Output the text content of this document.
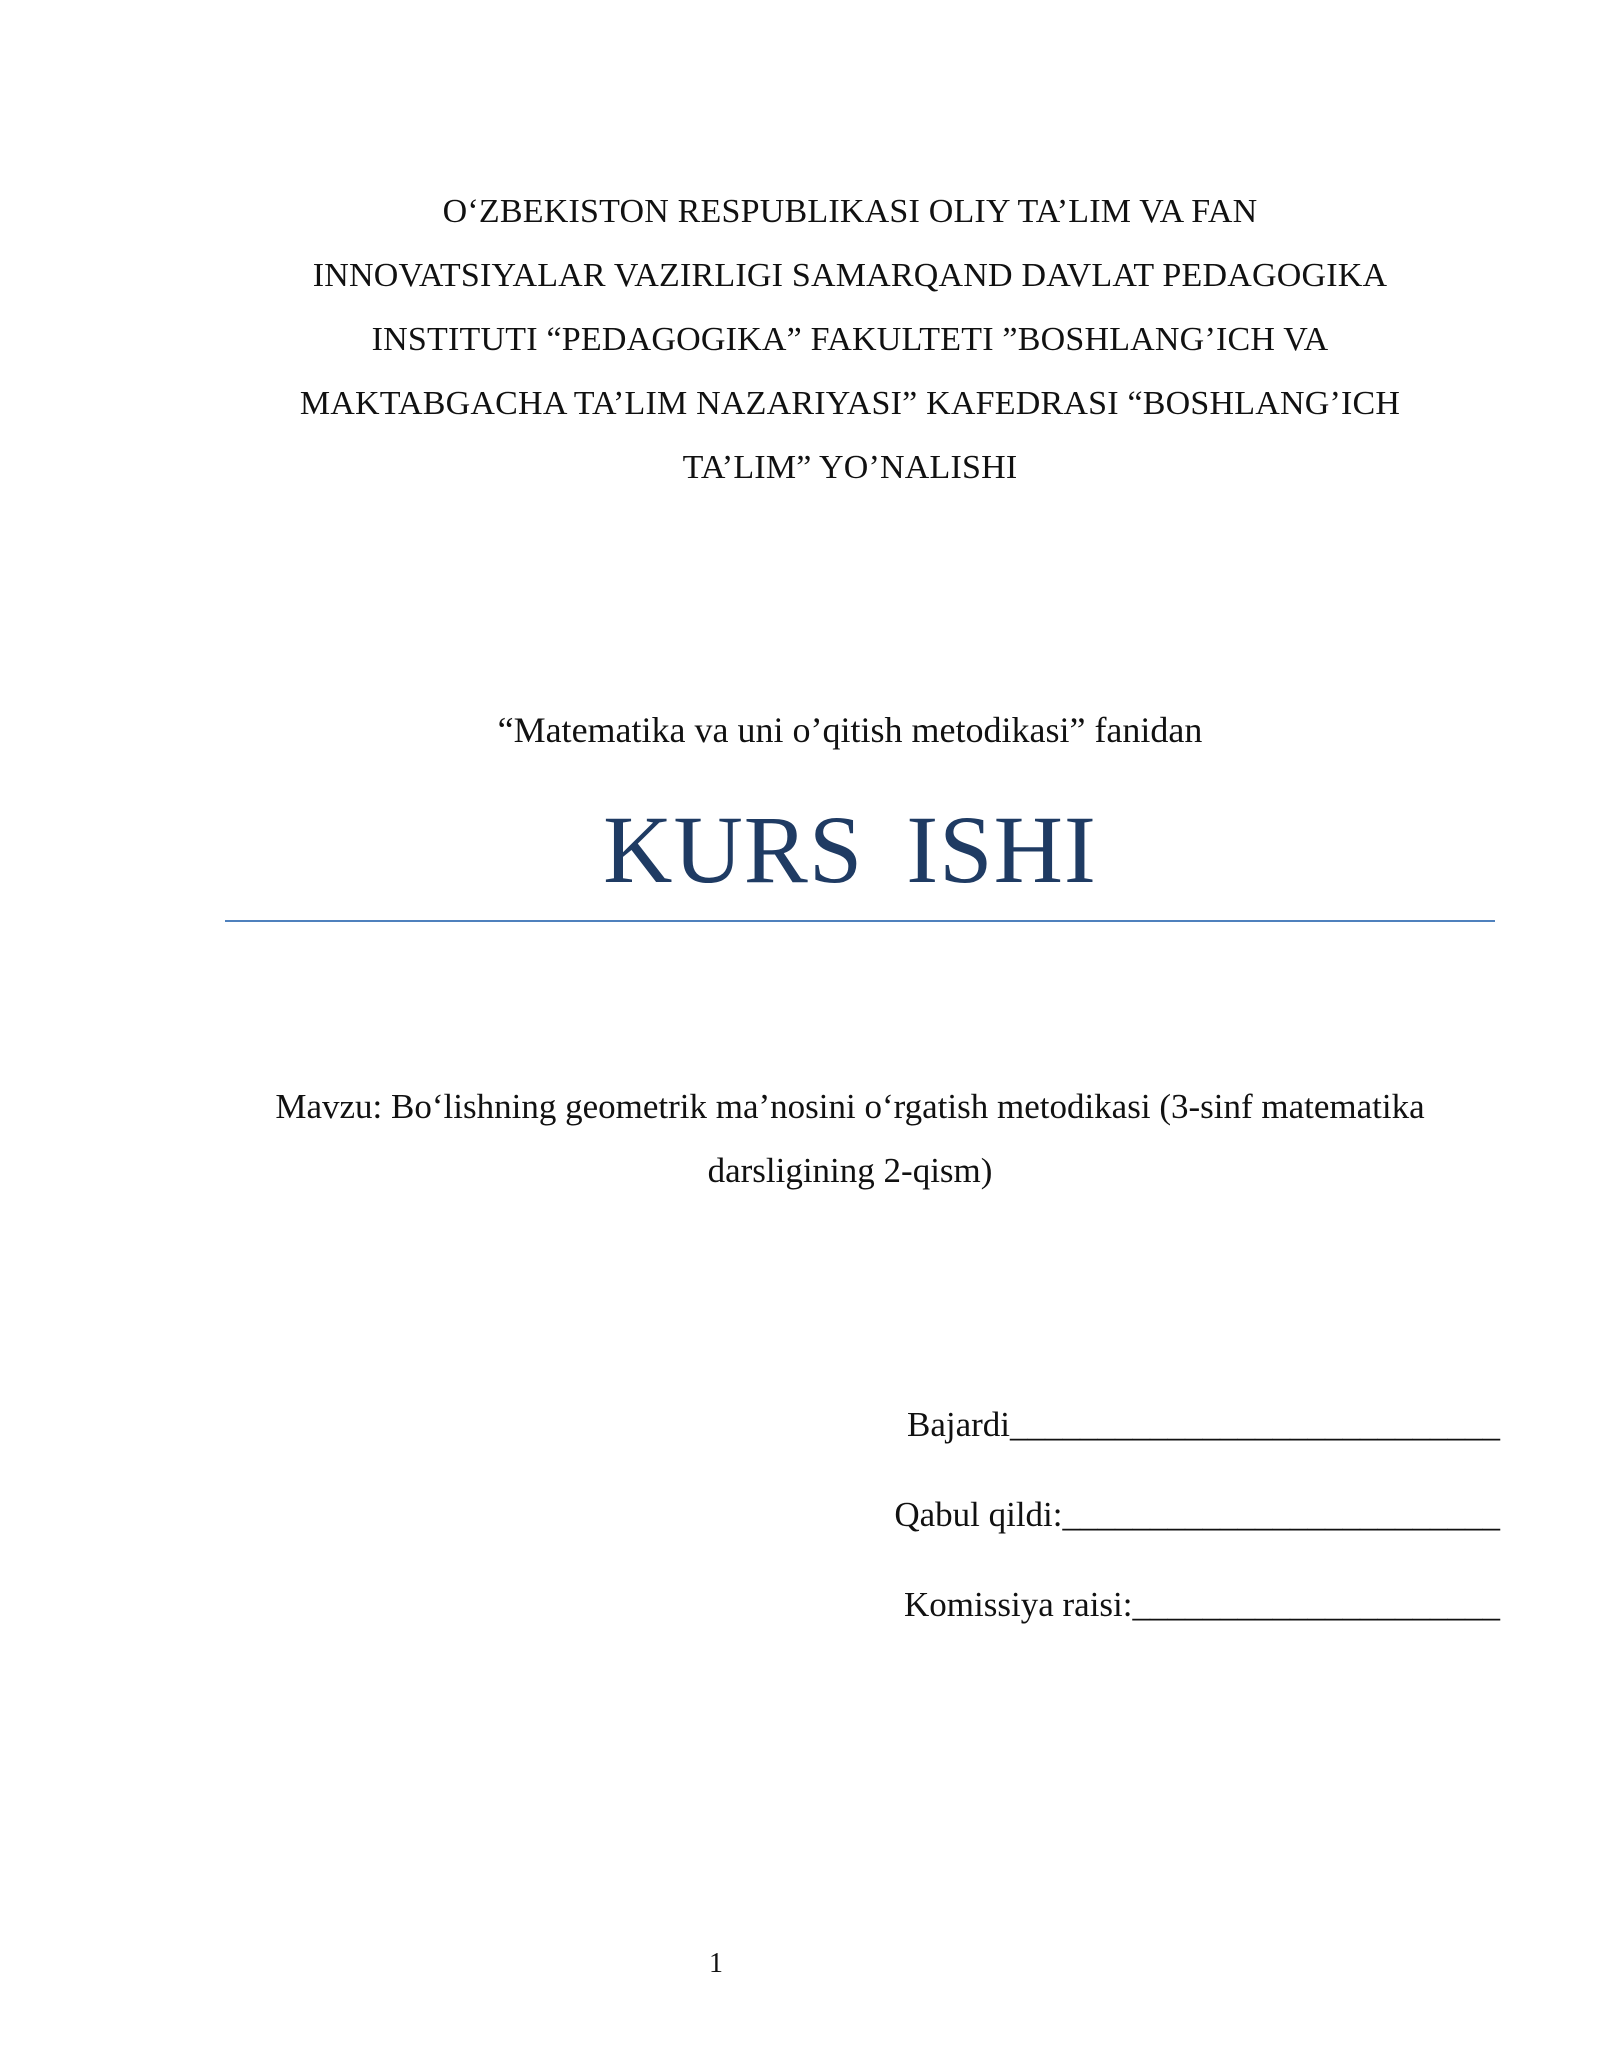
O‘ZBEKISTON RESPUBLIKASI OLIY TA’LIM VA FAN
INNOVATSIYALAR VAZIRLIGI SAMARQAND DAVLAT PEDAGOGIKA
INSTITUTI “PEDAGOGIKA” FAKULTETI ”BOSHLANG’ICH VA
MAKTABGACHA TA’LIM NAZARIYASI” KAFEDRASI “BOSHLANG’ICH
TA’LIM” YO’NALISHI
“Matematika va uni o’qitish metodikasi” fanidan
KURS ISHI
Mavzu: Bo‘lishning geometrik ma’nosini o‘rgatish metodikasi (3-sinf matematika
darsligining 2-qism)
Bajardi____________________________
Qabul qildi:_________________________
Komissiya raisi:_____________________
1
